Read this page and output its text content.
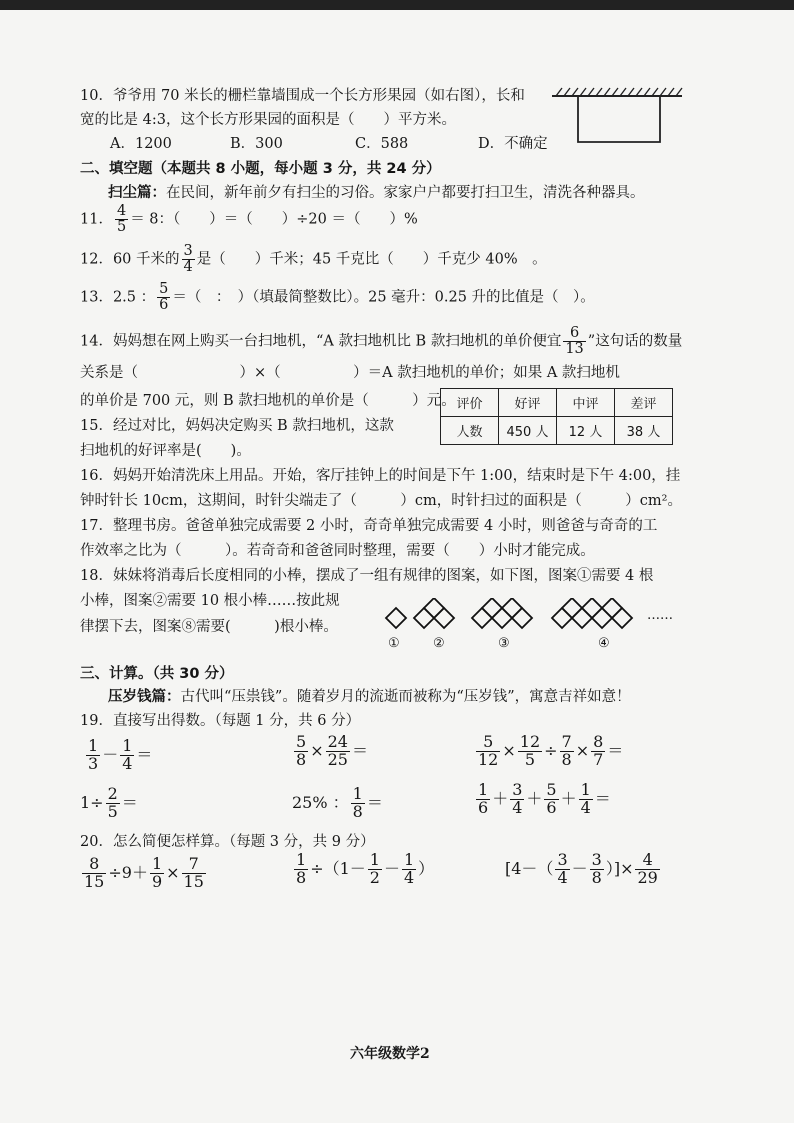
10．爷爷用 70 米长的栅栏靠墙围成一个长方形果园（如右图），长和
宽的比是 4:3，这个长方形果园的面积是（　　）平方米。
A．1200	B．300	C．588	D．不确定
二、填空题（本题共 8 小题，每小题 3 分，共 24 分）
扫尘篇：在民间，新年前夕有扫尘的习俗。家家户户都要打扫卫生，清洗各种器具。
11． $\frac{4}{5} = 8$：（　　）＝（　　）÷20 ＝（　　）%
12．60 千米的 $\frac{3}{4}$ 是（　　）千米；45 千克比（　　）千克少 40%　。
13．2.5 ： $\frac{5}{6}$ ＝（　：　）（填最简整数比）。25 毫升：0.25 升的比值是（　）。
14．妈妈想在网上购买一台扫地机，“A 款扫地机比 B 款扫地机的单价便宜 $\frac{6}{13}$ ”这句话的数量
关系是（　　　　　　　）×（　　　　　）＝A 款扫地机的单价；如果 A 款扫地机
的单价是 700 元，则 B 款扫地机的单价是（　　　）元。
15．经过对比，妈妈决定购买 B 款扫地机，这款
扫地机的好评率是(　　)。
评价	好评	中评	差评
人数	450 人	12 人	38 人
16．妈妈开始清洗床上用品。开始，客厅挂钟上的时间是下午 1:00，结束时是下午 4:00，挂
钟时针长 10cm，这期间，时针尖端走了（　　　）cm，时针扫过的面积是（　　　）cm²。
17．整理书房。爸爸单独完成需要 2 小时，奇奇单独完成需要 4 小时，则爸爸与奇奇的工
作效率之比为（　　　）。若奇奇和爸爸同时整理，需要（　　）小时才能完成。
18．妹妹将消毒后长度相同的小棒，摆成了一组有规律的图案，如下图，图案①需要 4 根
小棒，图案②需要 10 根小棒……按此规
律摆下去，图案⑧需要(　　　)根小棒。
……
①	②	③	④
三、计算。（共 30 分）
压岁钱篇：古代叫“压祟钱”。随着岁月的流逝而被称为“压岁钱”，寓意吉祥如意！
19．直接写出得数。（每题 1 分，共 6 分）
$\frac{1}{3} - \frac{1}{4}$ ＝	$\frac{5}{8} \times \frac{24}{25}$ ＝	$\frac{5}{12} \times \frac{12}{5} \div \frac{7}{8} \times \frac{8}{7}$ ＝
$1\div \frac{2}{5}$ ＝	25% ： $\frac{1}{8}$ ＝	$\frac{1}{6} + \frac{3}{4} + \frac{5}{6} + \frac{1}{4}$ ＝
20．怎么简便怎样算。（每题 3 分，共 9 分）
$\frac{8}{15} \div 9+ \frac{1}{9} \times \frac{7}{15}$	$\frac{1}{8} \div(1- \frac{1}{2} - \frac{1}{4}$ ）	[$4-( \frac{3}{4} - \frac{3}{8}$ ）]× $\frac{4}{29}$
六年级数学2
